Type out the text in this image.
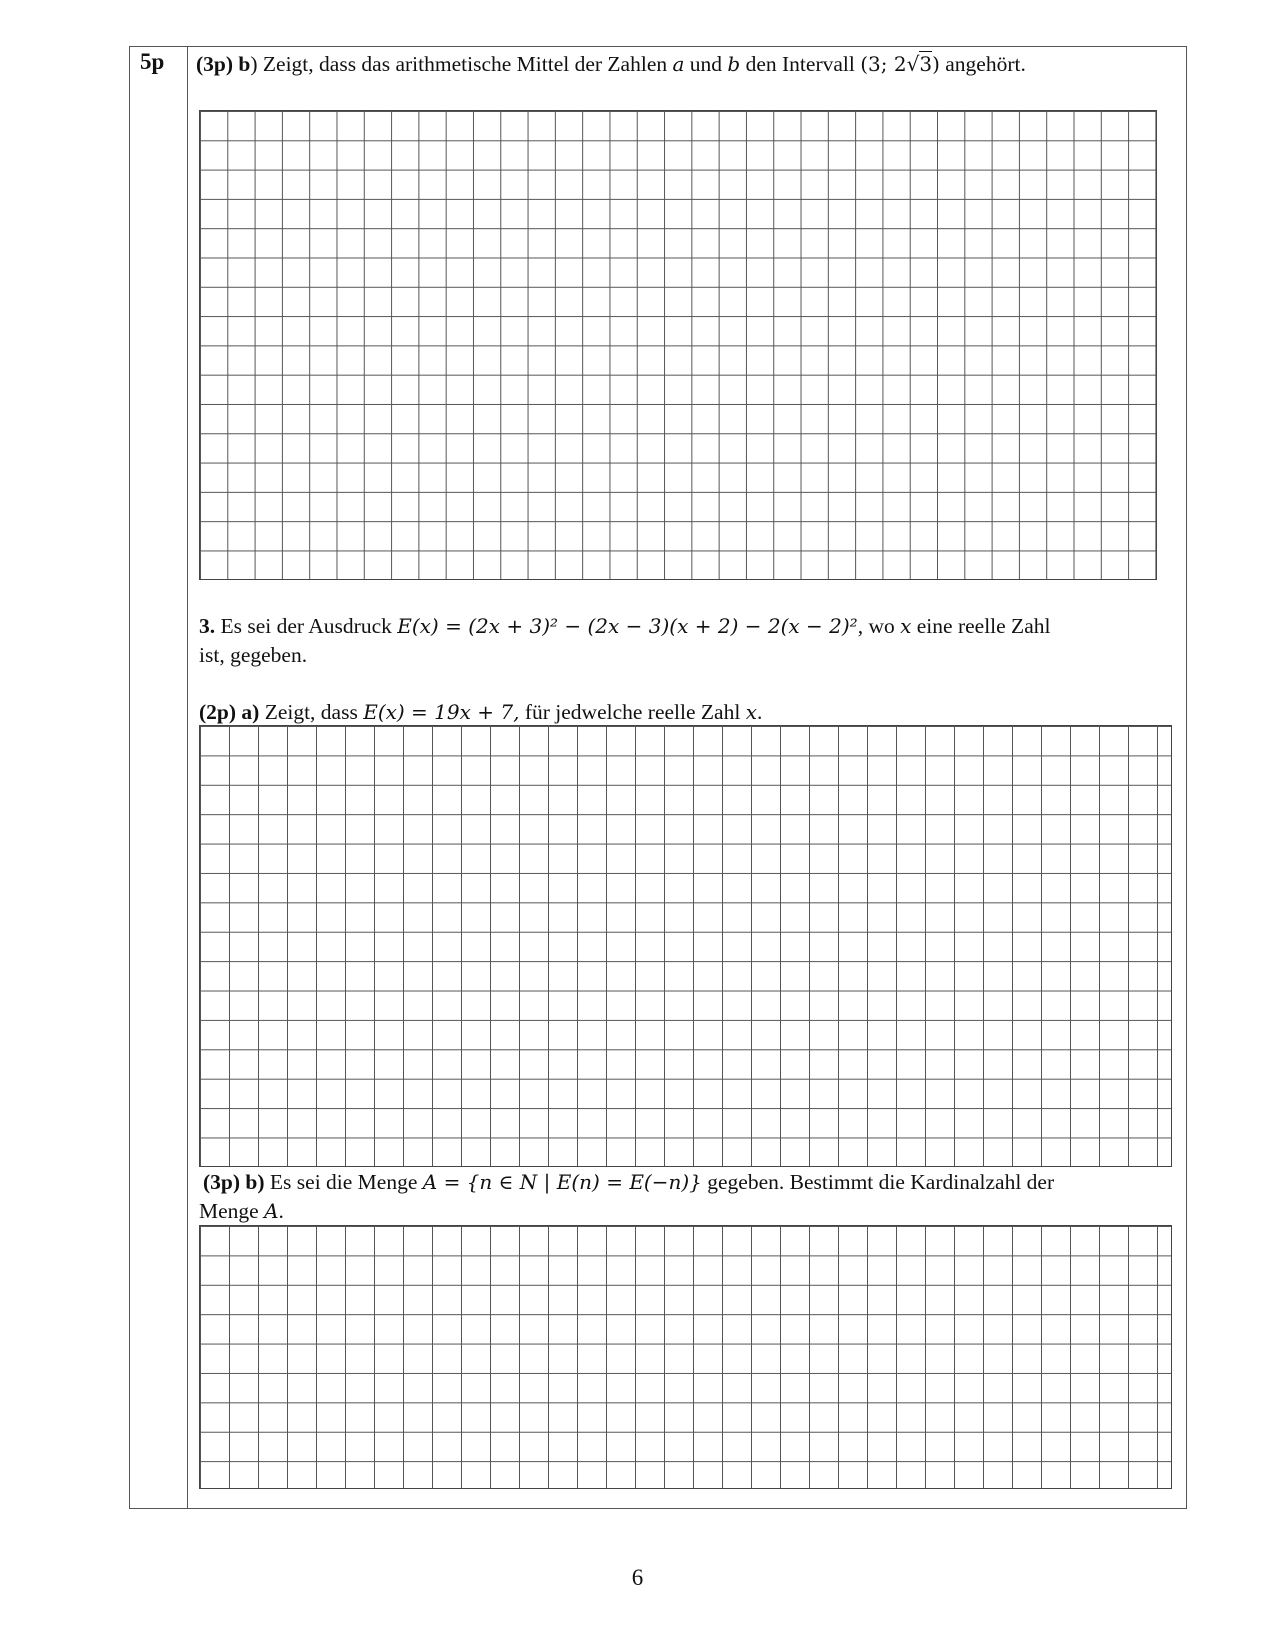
5p (3p) b) Zeigt, dass das arithmetische Mittel der Zahlen a und b den Intervall (3; 2√3) angehört.
3. Es sei der Ausdruck E(x) = (2x + 3)² − (2x − 3)(x + 2) − 2(x − 2)², wo x eine reelle Zahl
ist, gegeben.
(2p) a) Zeigt, dass E(x) = 19x + 7, für jedwelche reelle Zahl x.
(3p) b) Es sei die Menge A = {n ∈ N | E(n) = E(−n)} gegeben. Bestimmt die Kardinalzahl der
Menge A.
6
